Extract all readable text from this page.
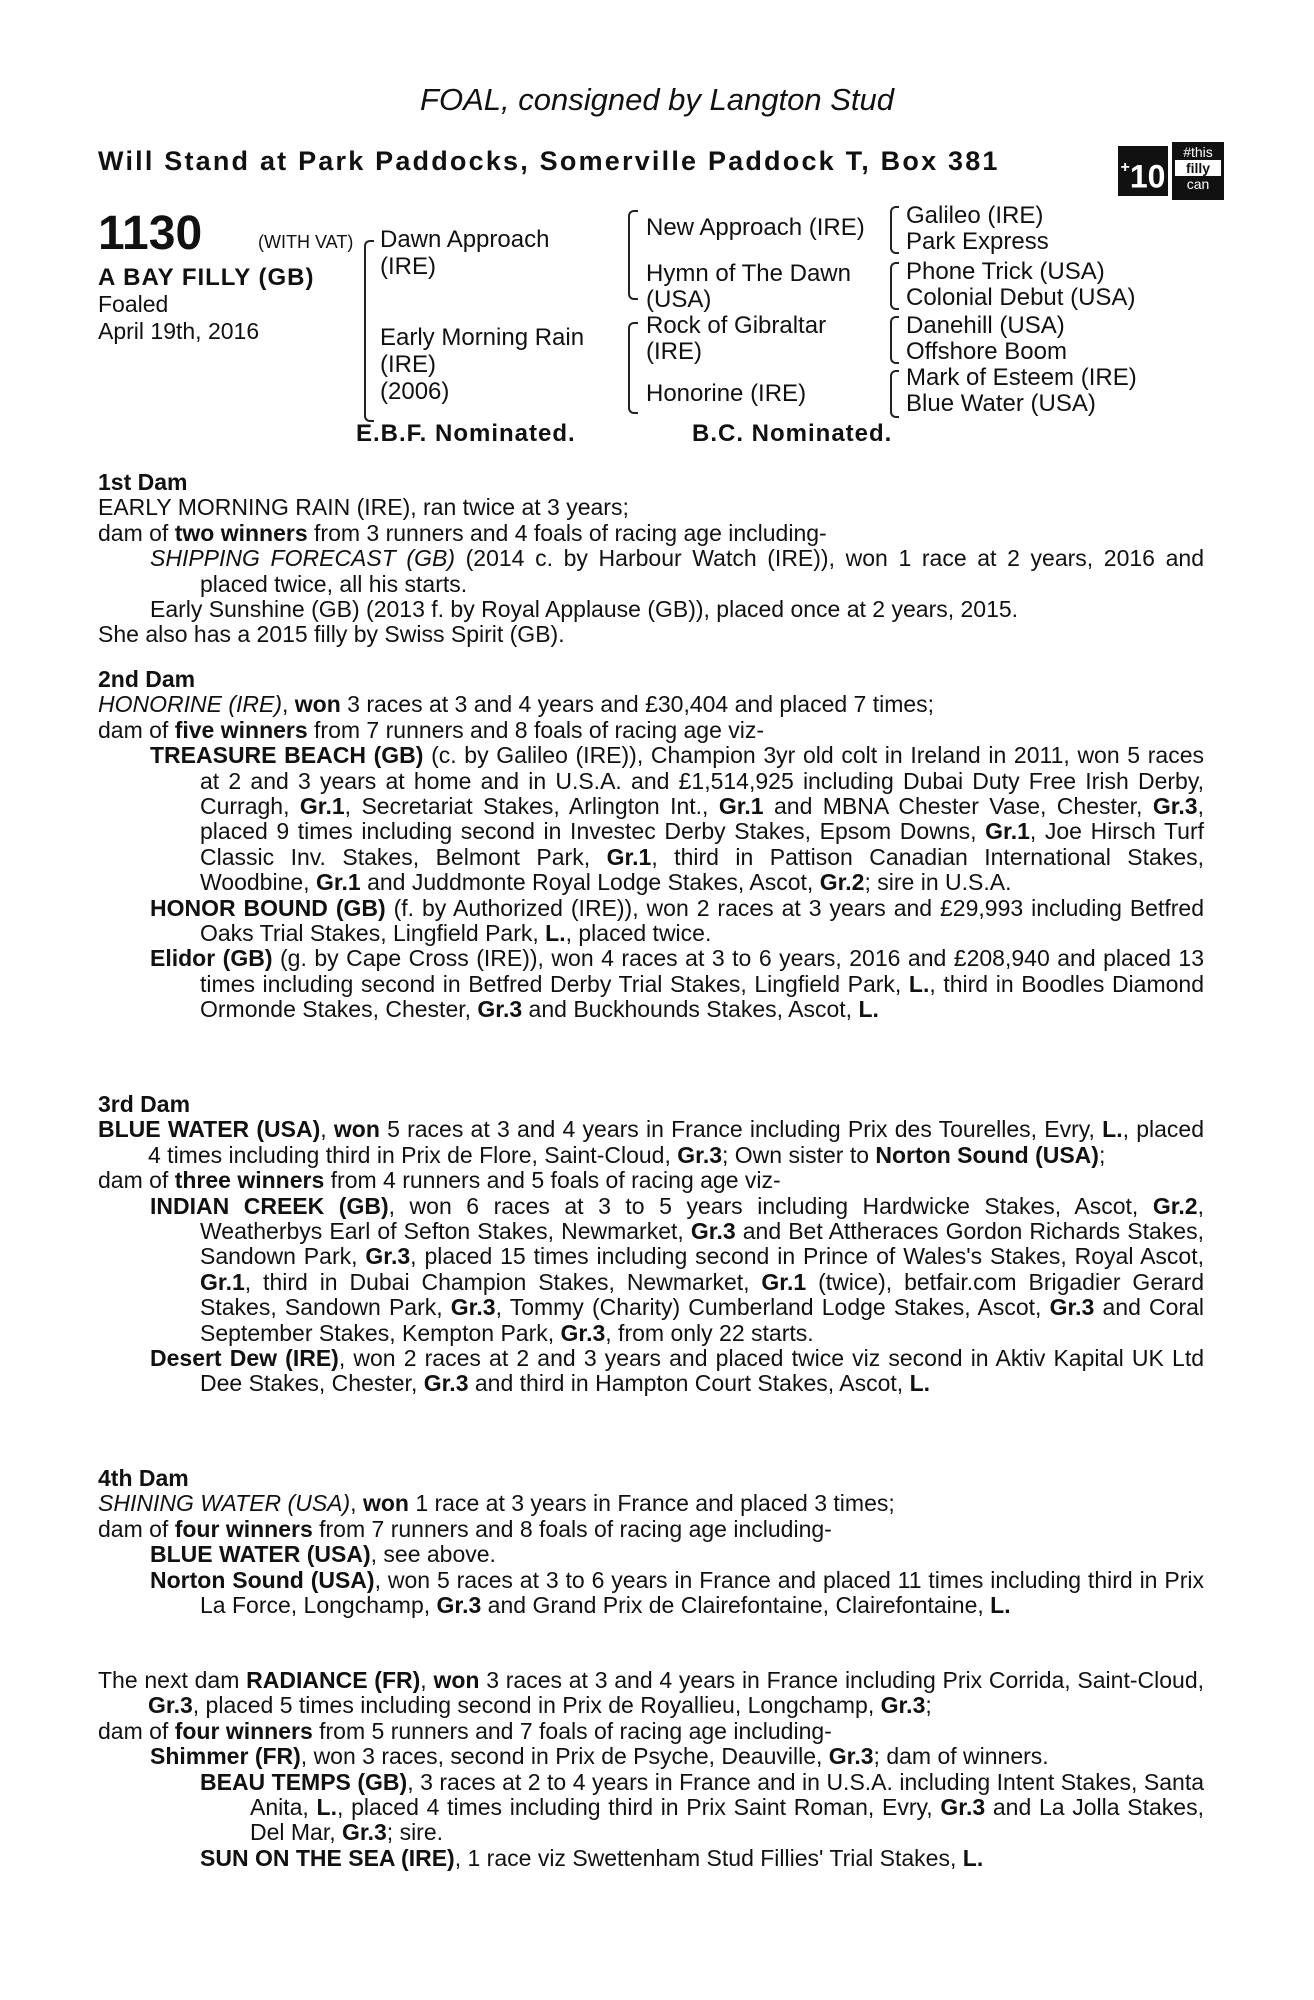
FOAL, consigned by Langton Stud
Will Stand at Park Paddocks, Somerville Paddock T, Box 381	+10
#this
filly
can
1130	(WITH VAT)
A BAY FILLY (GB)
Foaled
April 19th, 2016
Dawn Approach
(IRE)
Early Morning Rain
(IRE)
(2006)
New Approach (IRE)
Hymn of The Dawn
(USA)
Rock of Gibraltar
(IRE)
Honorine (IRE)
Galileo (IRE)
Park Express
Phone Trick (USA)
Colonial Debut (USA)
Danehill (USA)
Offshore Boom
Mark of Esteem (IRE)
Blue Water (USA)
E.B.F. Nominated.	B.C. Nominated.

1st Dam

EARLY MORNING RAIN (IRE), ran twice at 3 years;

dam of two winners from 3 runners and 4 foals of racing age including-

SHIPPING FORECAST (GB) (2014 c. by Harbour Watch (IRE)), won 1 race at 2 years, 2016 and placed twice, all his starts.

Early Sunshine (GB) (2013 f. by Royal Applause (GB)), placed once at 2 years, 2015.

She also has a 2015 filly by Swiss Spirit (GB).

2nd Dam

HONORINE (IRE), won 3 races at 3 and 4 years and £30,404 and placed 7 times;

dam of five winners from 7 runners and 8 foals of racing age viz-

TREASURE BEACH (GB) (c. by Galileo (IRE)), Champion 3yr old colt in Ireland in 2011, won 5 races at 2 and 3 years at home and in U.S.A. and £1,514,925 including Dubai Duty Free Irish Derby, Curragh, Gr.1, Secretariat Stakes, Arlington Int., Gr.1 and MBNA Chester Vase, Chester, Gr.3, placed 9 times including second in Investec Derby Stakes, Epsom Downs, Gr.1, Joe Hirsch Turf Classic Inv. Stakes, Belmont Park, Gr.1, third in Pattison Canadian International Stakes, Woodbine, Gr.1 and Juddmonte Royal Lodge Stakes, Ascot, Gr.2; sire in U.S.A.

HONOR BOUND (GB) (f. by Authorized (IRE)), won 2 races at 3 years and £29,993 including Betfred Oaks Trial Stakes, Lingfield Park, L., placed twice.

Elidor (GB) (g. by Cape Cross (IRE)), won 4 races at 3 to 6 years, 2016 and £208,940 and placed 13 times including second in Betfred Derby Trial Stakes, Lingfield Park, L., third in Boodles Diamond Ormonde Stakes, Chester, Gr.3 and Buckhounds Stakes, Ascot, L.

3rd Dam

BLUE WATER (USA), won 5 races at 3 and 4 years in France including Prix des Tourelles, Evry, L., placed 4 times including third in Prix de Flore, Saint-Cloud, Gr.3; Own sister to Norton Sound (USA);

dam of three winners from 4 runners and 5 foals of racing age viz-

INDIAN CREEK (GB), won 6 races at 3 to 5 years including Hardwicke Stakes, Ascot, Gr.2, Weatherbys Earl of Sefton Stakes, Newmarket, Gr.3 and Bet Attheraces Gordon Richards Stakes, Sandown Park, Gr.3, placed 15 times including second in Prince of Wales's Stakes, Royal Ascot, Gr.1, third in Dubai Champion Stakes, Newmarket, Gr.1 (twice), betfair.com Brigadier Gerard Stakes, Sandown Park, Gr.3, Tommy (Charity) Cumberland Lodge Stakes, Ascot, Gr.3 and Coral September Stakes, Kempton Park, Gr.3, from only 22 starts.

Desert Dew (IRE), won 2 races at 2 and 3 years and placed twice viz second in Aktiv Kapital UK Ltd Dee Stakes, Chester, Gr.3 and third in Hampton Court Stakes, Ascot, L.

4th Dam

SHINING WATER (USA), won 1 race at 3 years in France and placed 3 times;

dam of four winners from 7 runners and 8 foals of racing age including-

BLUE WATER (USA), see above.

Norton Sound (USA), won 5 races at 3 to 6 years in France and placed 11 times including third in Prix La Force, Longchamp, Gr.3 and Grand Prix de Clairefontaine, Clairefontaine, L.

The next dam RADIANCE (FR), won 3 races at 3 and 4 years in France including Prix Corrida, Saint-Cloud, Gr.3, placed 5 times including second in Prix de Royallieu, Longchamp, Gr.3;

dam of four winners from 5 runners and 7 foals of racing age including-

Shimmer (FR), won 3 races, second in Prix de Psyche, Deauville, Gr.3; dam of winners.

BEAU TEMPS (GB), 3 races at 2 to 4 years in France and in U.S.A. including Intent Stakes, Santa Anita, L., placed 4 times including third in Prix Saint Roman, Evry, Gr.3 and La Jolla Stakes, Del Mar, Gr.3; sire.

SUN ON THE SEA (IRE), 1 race viz Swettenham Stud Fillies' Trial Stakes, L.
